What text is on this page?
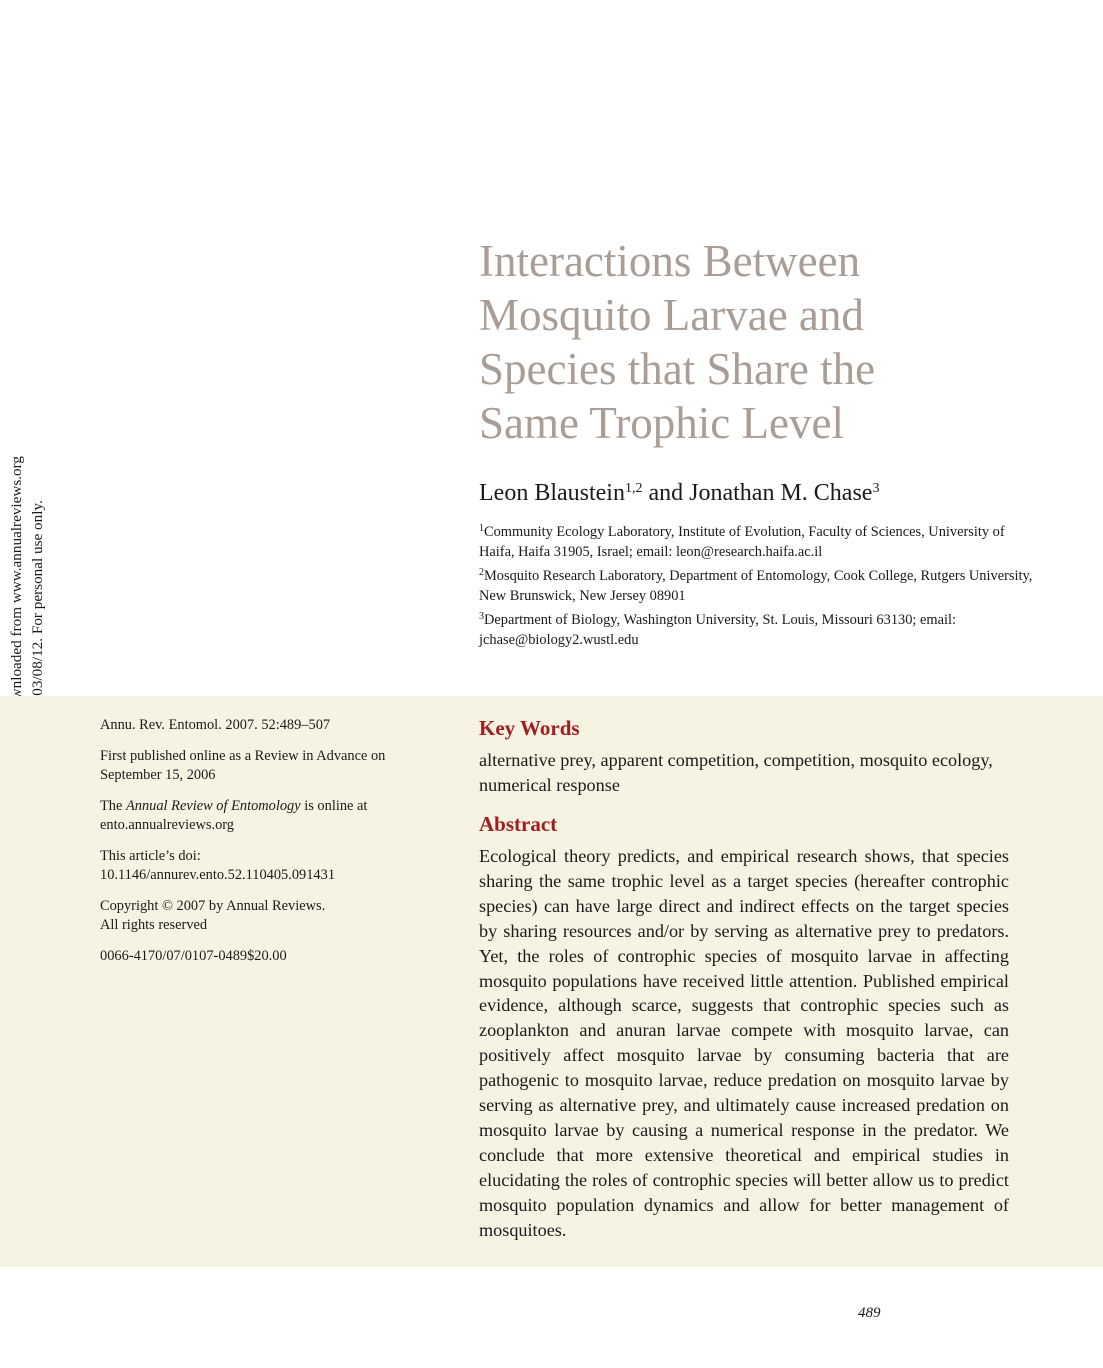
Interactions Between
Mosquito Larvae and
Species that Share the
Same Trophic Level
Leon Blaustein$^{1,2}$ and Jonathan M. Chase$^3$

$^1$Community Ecology Laboratory, Institute of Evolution, Faculty of Sciences, University of Haifa, Haifa 31905, Israel; email: leon@research.haifa.ac.il

$^2$Mosquito Research Laboratory, Department of Entomology, Cook College, Rutgers University, New Brunswick, New Jersey 08901

$^3$Department of Biology, Washington University, St. Louis, Missouri 63130; email: jchase@biology2.wustl.edu

Annu. Rev. Entomol. 2007. 52:489–507

First published online as a Review in Advance on September 15, 2006

The Annual Review of Entomology is online at ento.annualreviews.org

This article’s doi:
10.1146/annurev.ento.52.110405.091431

Copyright © 2007 by Annual Reviews.
All rights reserved

0066-4170/07/0107-0489$20.00

Key Words

alternative prey, apparent competition, competition, mosquito ecology, numerical response

Abstract

Ecological theory predicts, and empirical research shows, that species sharing the same trophic level as a target species (hereafter controphic species) can have large direct and indirect effects on the target species by sharing resources and/or by serving as alternative prey to predators. Yet, the roles of controphic species of mosquito larvae in affecting mosquito populations have received little attention. Published empirical evidence, although scarce, suggests that controphic species such as zooplankton and anuran larvae compete with mosquito larvae, can positively affect mosquito larvae by consuming bacteria that are pathogenic to mosquito larvae, reduce predation on mosquito larvae by serving as alternative prey, and ultimately cause increased predation on mosquito larvae by causing a numerical response in the predator. We conclude that more extensive theoretical and empirical studies in elucidating the roles of controphic species will better allow us to predict mosquito population dynamics and allow for better management of mosquitoes.

489
